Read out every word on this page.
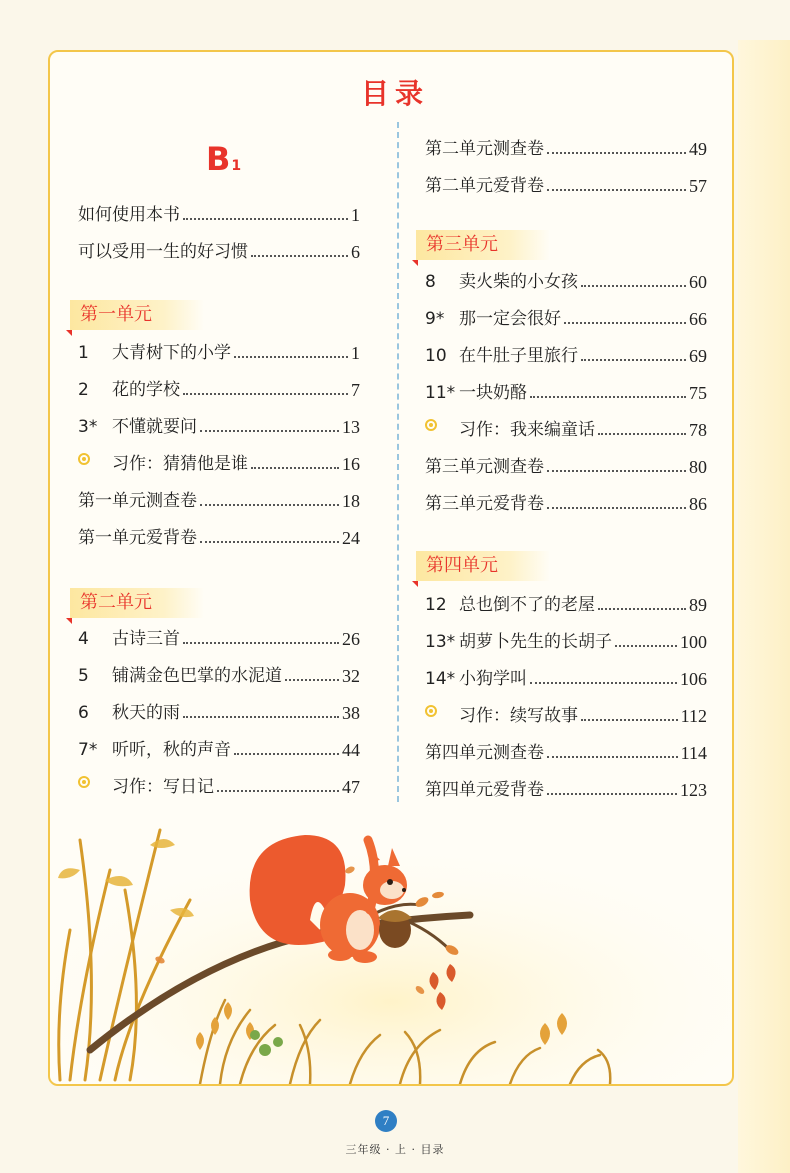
目录
B1
如何使用本书	1
可以受用一生的好习惯	6
第一单元
1	大青树下的小学	1
2	花的学校	7
3* 不懂就要问	13
习作：猜猜他是谁	16
第一单元测查卷	18
第一单元爱背卷	24
第二单元
4	古诗三首	26
5	铺满金色巴掌的水泥道	32
6	秋天的雨	38
7* 听听，秋的声音	44
习作：写日记	47
第二单元测查卷	49
第二单元爱背卷	57
第三单元
8	卖火柴的小女孩	60
9* 那一定会很好	66
10 在牛肚子里旅行	69
11* 一块奶酪	75
习作：我来编童话	78
第三单元测查卷	80
第三单元爱背卷	86
第四单元
12 总也倒不了的老屋	89
13* 胡萝卜先生的长胡子	100
14* 小狗学叫	106
习作：续写故事	112
第四单元测查卷	114
第四单元爱背卷	123
7
三年级 · 上 · 目录
